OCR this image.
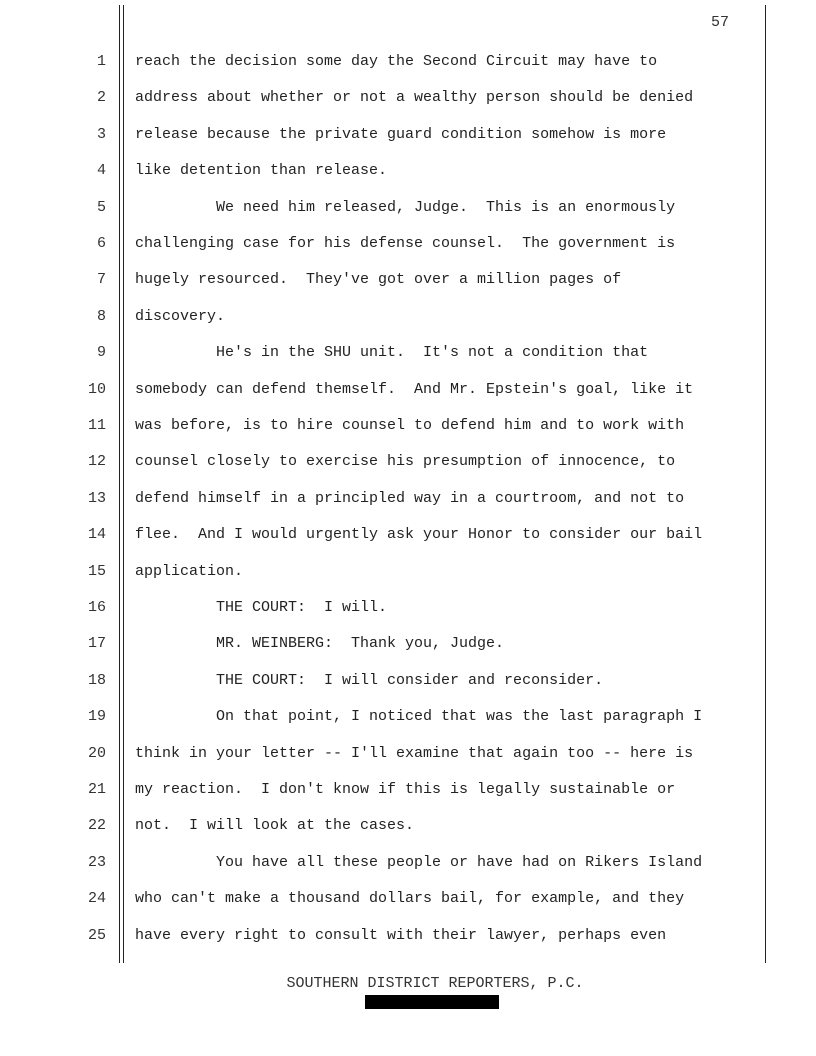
57
1 reach the decision some day the Second Circuit may have to
2 address about whether or not a wealthy person should be denied
3 release because the private guard condition somehow is more
4 like detention than release.
5 We need him released, Judge.  This is an enormously
6 challenging case for his defense counsel.  The government is
7 hugely resourced.  They've got over a million pages of
8 discovery.
9 He's in the SHU unit.  It's not a condition that
10 somebody can defend themself.  And Mr. Epstein's goal, like it
11 was before, is to hire counsel to defend him and to work with
12 counsel closely to exercise his presumption of innocence, to
13 defend himself in a principled way in a courtroom, and not to
14 flee.  And I would urgently ask your Honor to consider our bail
15 application.
16 THE COURT:  I will.
17 MR. WEINBERG:  Thank you, Judge.
18 THE COURT:  I will consider and reconsider.
19 On that point, I noticed that was the last paragraph I
20 think in your letter -- I'll examine that again too -- here is
21 my reaction.  I don't know if this is legally sustainable or
22 not.  I will look at the cases.
23 You have all these people or have had on Rikers Island
24 who can't make a thousand dollars bail, for example, and they
25 have every right to consult with their lawyer, perhaps even
SOUTHERN DISTRICT REPORTERS, P.C.
